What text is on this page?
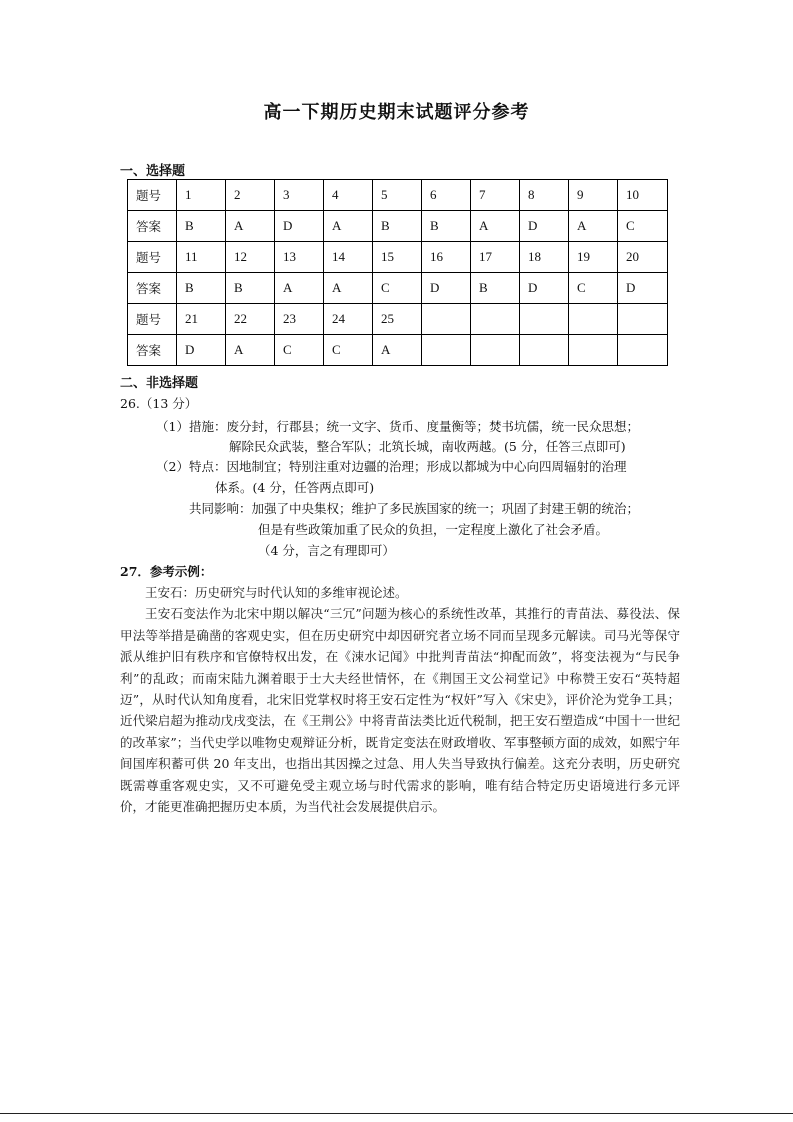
高一下期历史期末试题评分参考
一、选择题
题号	1	2	3	4	5	6	7	8	9	10
答案	B	A	D	A	B	B	A	D	A	C
题号	11	12	13	14	15	16	17	18	19	20
答案	B	B	A	A	C	D	B	D	C	D
题号	21	22	23	24	25					
答案	D	A	C	C	A					
二、非选择题
26.（13 分）
（1）措施：废分封，行郡县；统一文字、货币、度量衡等；焚书坑儒，统一民众思想；
解除民众武装，整合军队；北筑长城，南收两越。(5 分，任答三点即可)
（2）特点：因地制宜；特别注重对边疆的治理；形成以都城为中心向四周辐射的治理
体系。(4 分，任答两点即可)
共同影响：加强了中央集权；维护了多民族国家的统一；巩固了封建王朝的统治；
但是有些政策加重了民众的负担，一定程度上激化了社会矛盾。
（4 分，言之有理即可）
27．参考示例：

王安石：历史研究与时代认知的多维审视论述。

王安石变法作为北宋中期以解决“三冗”问题为核心的系统性改革，其推行的青苗法、募役法、保甲法等举措是确凿的客观史实，但在历史研究中却因研究者立场不同而呈现多元解读。司马光等保守派从维护旧有秩序和官僚特权出发，在《涑水记闻》中批判青苗法“抑配而敛”，将变法视为“与民争利”的乱政；而南宋陆九渊着眼于士大夫经世情怀，在《荆国王文公祠堂记》中称赞王安石“英特超迈”，从时代认知角度看，北宋旧党掌权时将王安石定性为“权奸”写入《宋史》，评价沦为党争工具；近代梁启超为推动戊戌变法，在《王荆公》中将青苗法类比近代税制，把王安石塑造成“中国十一世纪的改革家”；当代史学以唯物史观辩证分析，既肯定变法在财政增收、军事整顿方面的成效，如熙宁年间国库积蓄可供 20 年支出，也指出其因操之过急、用人失当导致执行偏差。这充分表明，历史研究既需尊重客观史实，又不可避免受主观立场与时代需求的影响，唯有结合特定历史语境进行多元评价，才能更准确把握历史本质，为当代社会发展提供启示。
